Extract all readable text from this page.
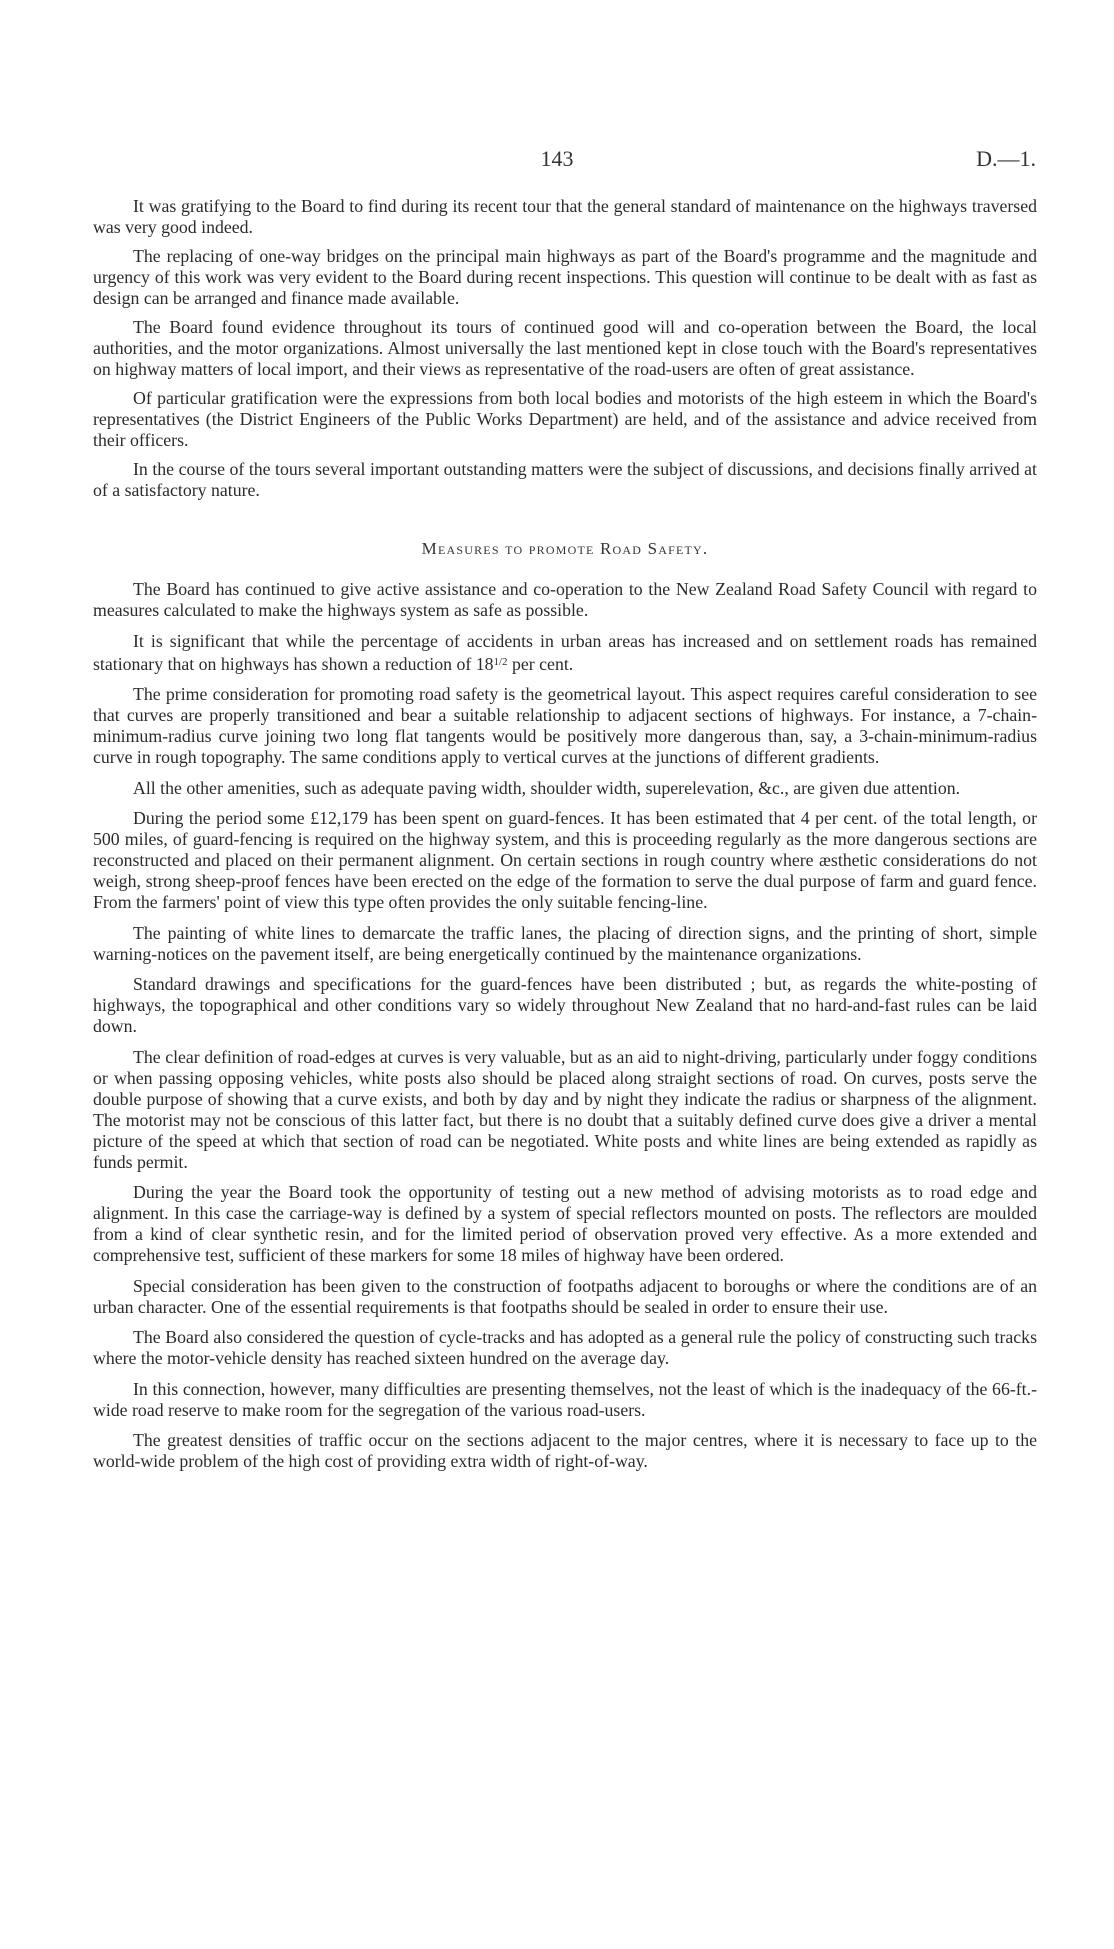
143	D.—1.

It was gratifying to the Board to find during its recent tour that the general standard of maintenance on the highways traversed was very good indeed.

The replacing of one-way bridges on the principal main highways as part of the Board's programme and the magnitude and urgency of this work was very evident to the Board during recent inspections. This question will continue to be dealt with as fast as design can be arranged and finance made available.

The Board found evidence throughout its tours of continued good will and co-operation between the Board, the local authorities, and the motor organizations. Almost universally the last mentioned kept in close touch with the Board's representatives on highway matters of local import, and their views as representative of the road-users are often of great assistance.

Of particular gratification were the expressions from both local bodies and motorists of the high esteem in which the Board's representatives (the District Engineers of the Public Works Department) are held, and of the assistance and advice received from their officers.

In the course of the tours several important outstanding matters were the subject of discussions, and decisions finally arrived at of a satisfactory nature.

Measures to promote Road Safety.

The Board has continued to give active assistance and co-operation to the New Zealand Road Safety Council with regard to measures calculated to make the highways system as safe as possible.

It is significant that while the percentage of accidents in urban areas has increased and on settlement roads has remained stationary that on highways has shown a reduction of $18^{1/2}$ per cent.

The prime consideration for promoting road safety is the geometrical layout. This aspect requires careful consideration to see that curves are properly transitioned and bear a suitable relationship to adjacent sections of highways. For instance, a 7-chain-minimum-radius curve joining two long flat tangents would be positively more dangerous than, say, a 3-chain-minimum-radius curve in rough topography. The same conditions apply to vertical curves at the junctions of different gradients.

All the other amenities, such as adequate paving width, shoulder width, superelevation, &c., are given due attention.

During the period some £12,179 has been spent on guard-fences. It has been estimated that 4 per cent. of the total length, or 500 miles, of guard-fencing is required on the highway system, and this is proceeding regularly as the more dangerous sections are reconstructed and placed on their permanent alignment. On certain sections in rough country where æsthetic considerations do not weigh, strong sheep-proof fences have been erected on the edge of the formation to serve the dual purpose of farm and guard fence. From the farmers' point of view this type often provides the only suitable fencing-line.

The painting of white lines to demarcate the traffic lanes, the placing of direction signs, and the printing of short, simple warning-notices on the pavement itself, are being energetically continued by the maintenance organizations.

Standard drawings and specifications for the guard-fences have been distributed ; but, as regards the white-posting of highways, the topographical and other conditions vary so widely throughout New Zealand that no hard-and-fast rules can be laid down.

The clear definition of road-edges at curves is very valuable, but as an aid to night-driving, particularly under foggy conditions or when passing opposing vehicles, white posts also should be placed along straight sections of road. On curves, posts serve the double purpose of showing that a curve exists, and both by day and by night they indicate the radius or sharpness of the alignment. The motorist may not be conscious of this latter fact, but there is no doubt that a suitably defined curve does give a driver a mental picture of the speed at which that section of road can be negotiated. White posts and white lines are being extended as rapidly as funds permit.

During the year the Board took the opportunity of testing out a new method of advising motorists as to road edge and alignment. In this case the carriage-way is defined by a system of special reflectors mounted on posts. The reflectors are moulded from a kind of clear synthetic resin, and for the limited period of observation proved very effective. As a more extended and comprehensive test, sufficient of these markers for some 18 miles of highway have been ordered.

Special consideration has been given to the construction of footpaths adjacent to boroughs or where the conditions are of an urban character. One of the essential requirements is that footpaths should be sealed in order to ensure their use.

The Board also considered the question of cycle-tracks and has adopted as a general rule the policy of constructing such tracks where the motor-vehicle density has reached sixteen hundred on the average day.

In this connection, however, many difficulties are presenting themselves, not the least of which is the inadequacy of the 66-ft.-wide road reserve to make room for the segregation of the various road-users.

The greatest densities of traffic occur on the sections adjacent to the major centres, where it is necessary to face up to the world-wide problem of the high cost of providing extra width of right-of-way.
